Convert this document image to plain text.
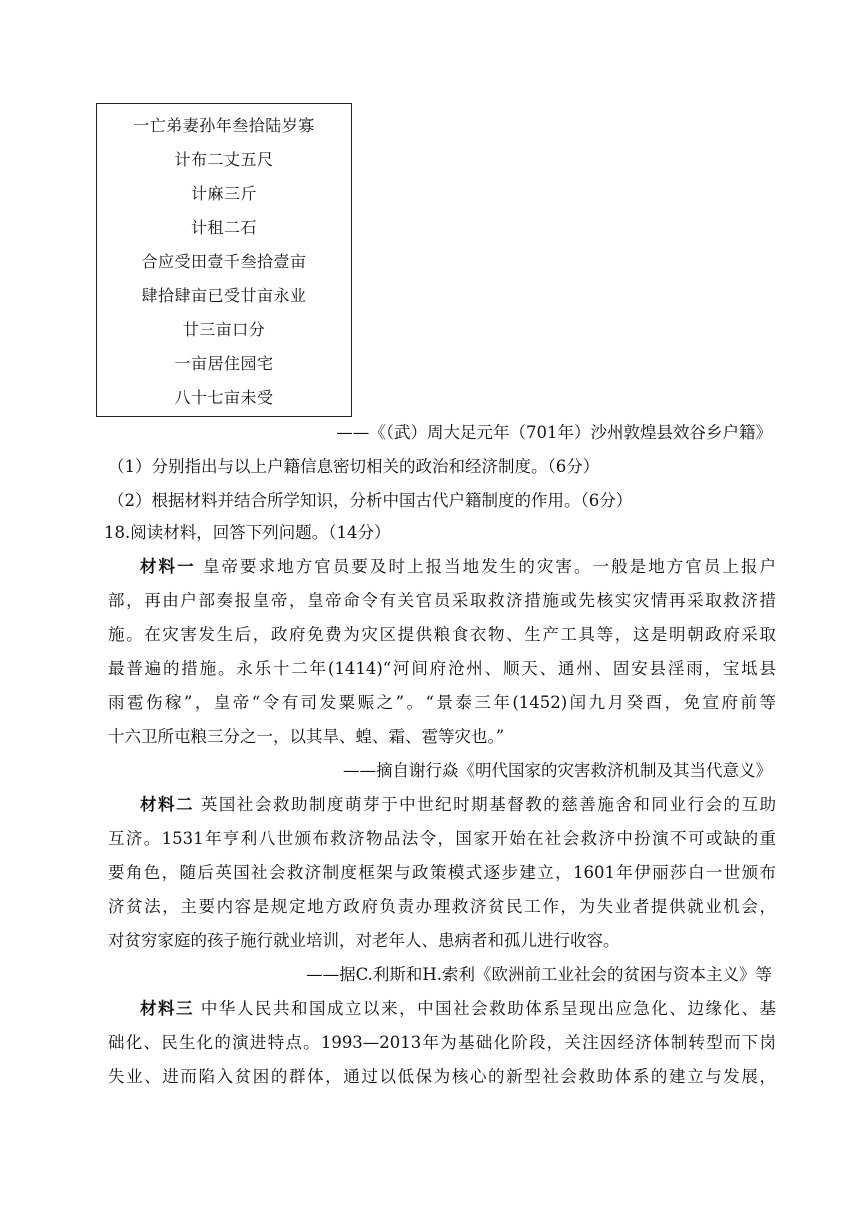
一亡弟妻孙年叁拾陆岁寡
计布二丈五尺
计麻三斤
计租二石
合应受田壹千叁拾壹亩
肆拾肆亩已受廿亩永业
廿三亩口分
一亩居住园宅
八十七亩未受
——《（武）周大足元年（701年）沙州敦煌县效谷乡户籍》
（1）分别指出与以上户籍信息密切相关的政治和经济制度。（6分）
（2）根据材料并结合所学知识，分析中国古代户籍制度的作用。（6分）
18.阅读材料，回答下列问题。（14分）
材料一 皇帝要求地方官员要及时上报当地发生的灾害。一般是地方官员上报户
部，再由户部奏报皇帝，皇帝命令有关官员采取救济措施或先核实灾情再采取救济措
施。在灾害发生后，政府免费为灾区提供粮食衣物、生产工具等，这是明朝政府采取
最普遍的措施。永乐十二年(1414)“河间府沧州、顺天、通州、固安县淫雨，宝坻县
雨雹伤稼”，皇帝“令有司发粟赈之”。“景泰三年(1452)闰九月癸酉，免宣府前等
十六卫所屯粮三分之一，以其旱、蝗、霜、雹等灾也。”
——摘自谢行焱《明代国家的灾害救济机制及其当代意义》
材料二 英国社会救助制度萌芽于中世纪时期基督教的慈善施舍和同业行会的互助
互济。1531年亨利八世颁布救济物品法令，国家开始在社会救济中扮演不可或缺的重
要角色，随后英国社会救济制度框架与政策模式逐步建立，1601年伊丽莎白一世颁布
济贫法，主要内容是规定地方政府负责办理救济贫民工作，为失业者提供就业机会，
对贫穷家庭的孩子施行就业培训，对老年人、患病者和孤儿进行收容。
——据C.利斯和H.索利《欧洲前工业社会的贫困与资本主义》等
材料三 中华人民共和国成立以来，中国社会救助体系呈现出应急化、边缘化、基
础化、民生化的演进特点。1993—2013年为基础化阶段，关注因经济体制转型而下岗
失业、进而陷入贫困的群体，通过以低保为核心的新型社会救助体系的建立与发展，
